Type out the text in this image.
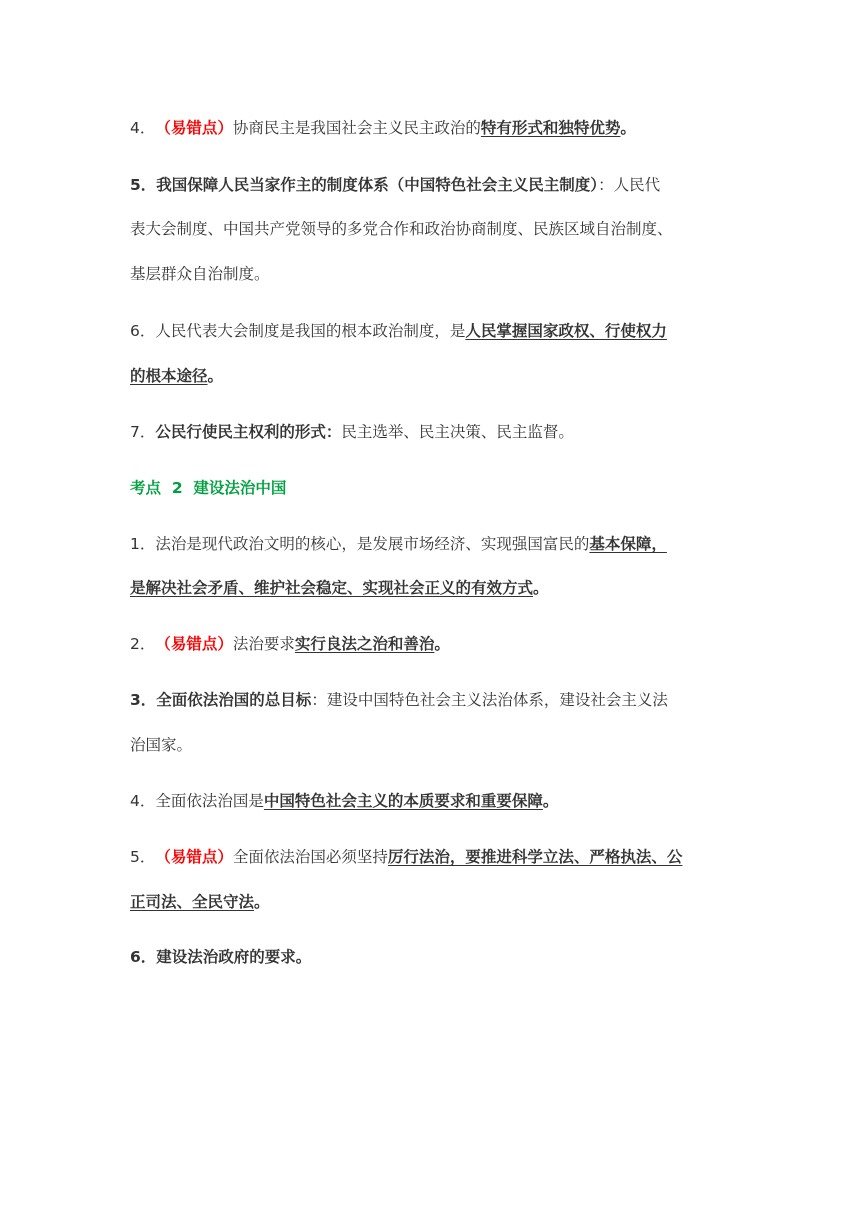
4．（易错点）协商民主是我国社会主义民主政治的特有形式和独特优势。
5．我国保障人民当家作主的制度体系（中国特色社会主义民主制度）：人民代
表大会制度、中国共产党领导的多党合作和政治协商制度、民族区域自治制度、
基层群众自治制度。
6．人民代表大会制度是我国的根本政治制度，是人民掌握国家政权、行使权力
的根本途径。
7．公民行使民主权利的形式：民主选举、民主决策、民主监督。
考点 2 建设法治中国
1．法治是现代政治文明的核心，是发展市场经济、实现强国富民的基本保障，
是解决社会矛盾、维护社会稳定、实现社会正义的有效方式。
2．（易错点）法治要求实行良法之治和善治。
3．全面依法治国的总目标：建设中国特色社会主义法治体系，建设社会主义法
治国家。
4．全面依法治国是中国特色社会主义的本质要求和重要保障。
5．（易错点）全面依法治国必须坚持厉行法治，要推进科学立法、严格执法、公
正司法、全民守法。
6．建设法治政府的要求。
